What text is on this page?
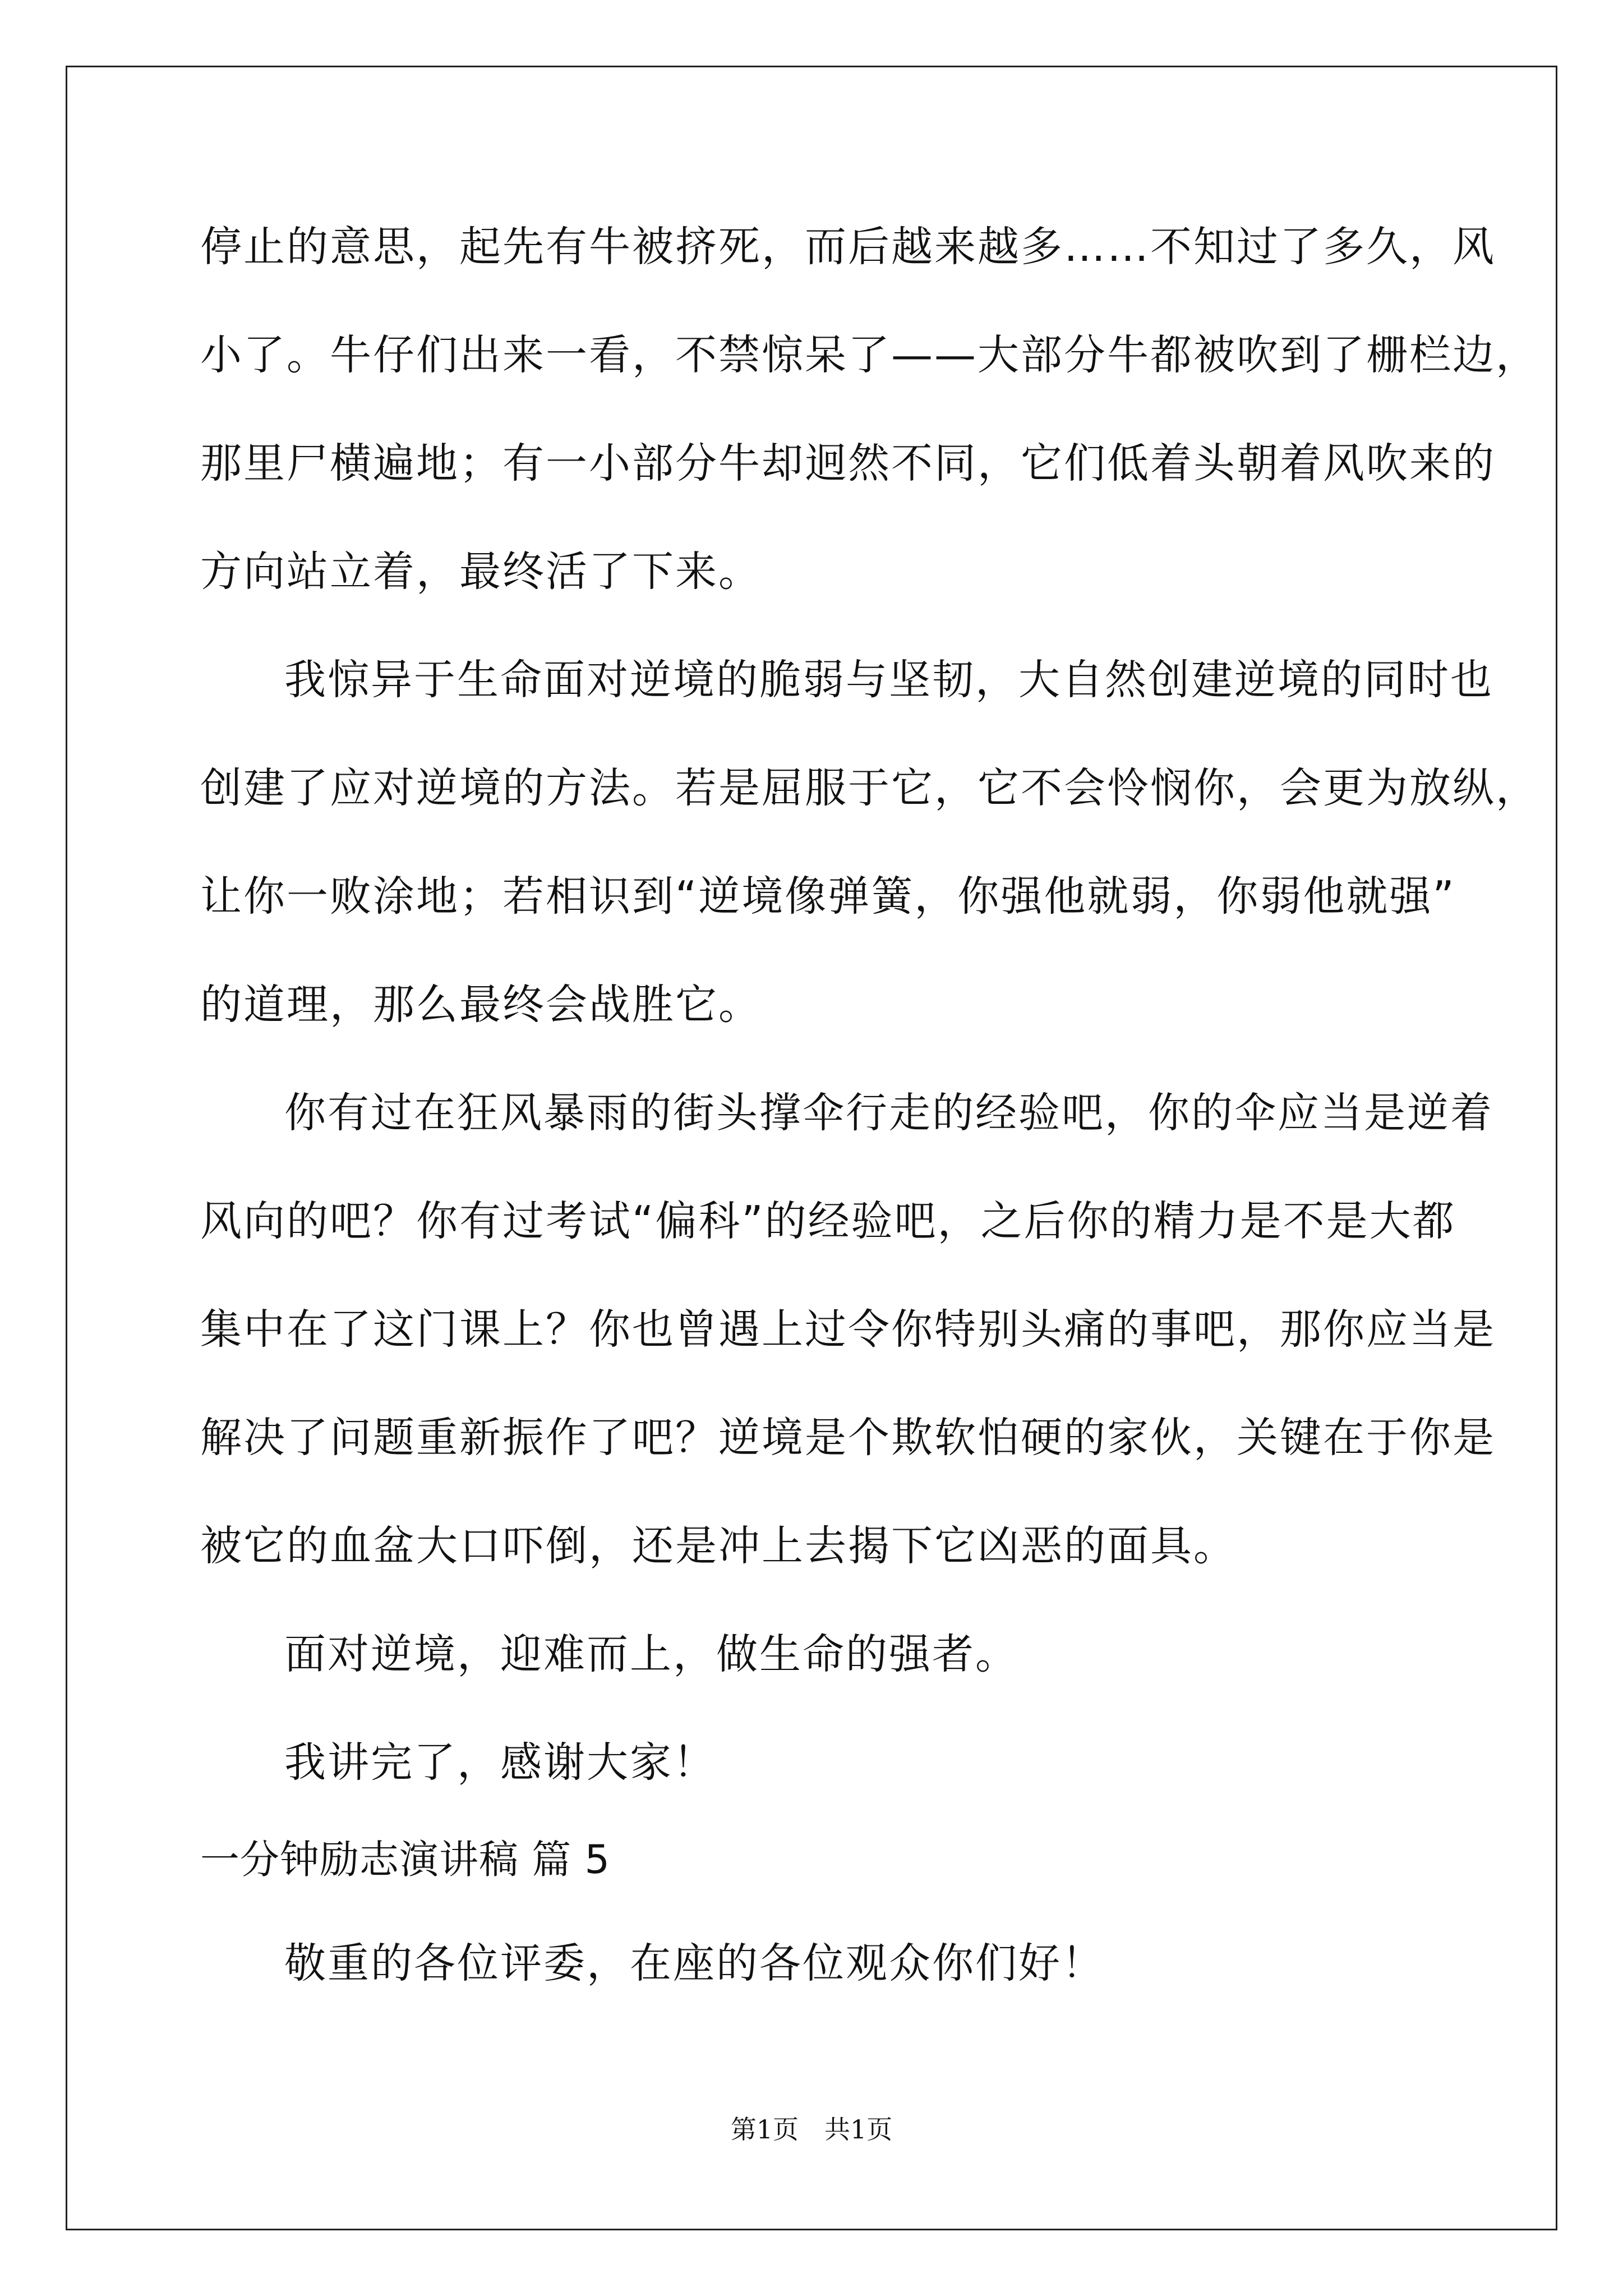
停止的意思，起先有牛被挤死，而后越来越多……不知过了多久，风
小了。牛仔们出来一看，不禁惊呆了——大部分牛都被吹到了栅栏边，
那里尸横遍地；有一小部分牛却迥然不同，它们低着头朝着风吹来的
方向站立着，最终活了下来。
我惊异于生命面对逆境的脆弱与坚韧，大自然创建逆境的同时也
创建了应对逆境的方法。若是屈服于它，它不会怜悯你，会更为放纵，
让你一败涂地；若相识到“逆境像弹簧，你强他就弱，你弱他就强”
的道理，那么最终会战胜它。
你有过在狂风暴雨的街头撑伞行走的经验吧，你的伞应当是逆着
风向的吧？你有过考试“偏科”的经验吧，之后你的精力是不是大都
集中在了这门课上？你也曾遇上过令你特别头痛的事吧，那你应当是
解决了问题重新振作了吧？逆境是个欺软怕硬的家伙，关键在于你是
被它的血盆大口吓倒，还是冲上去揭下它凶恶的面具。
面对逆境，迎难而上，做生命的强者。
我讲完了，感谢大家！
一分钟励志演讲稿 篇 5
敬重的各位评委，在座的各位观众你们好！
第1页　共1页
